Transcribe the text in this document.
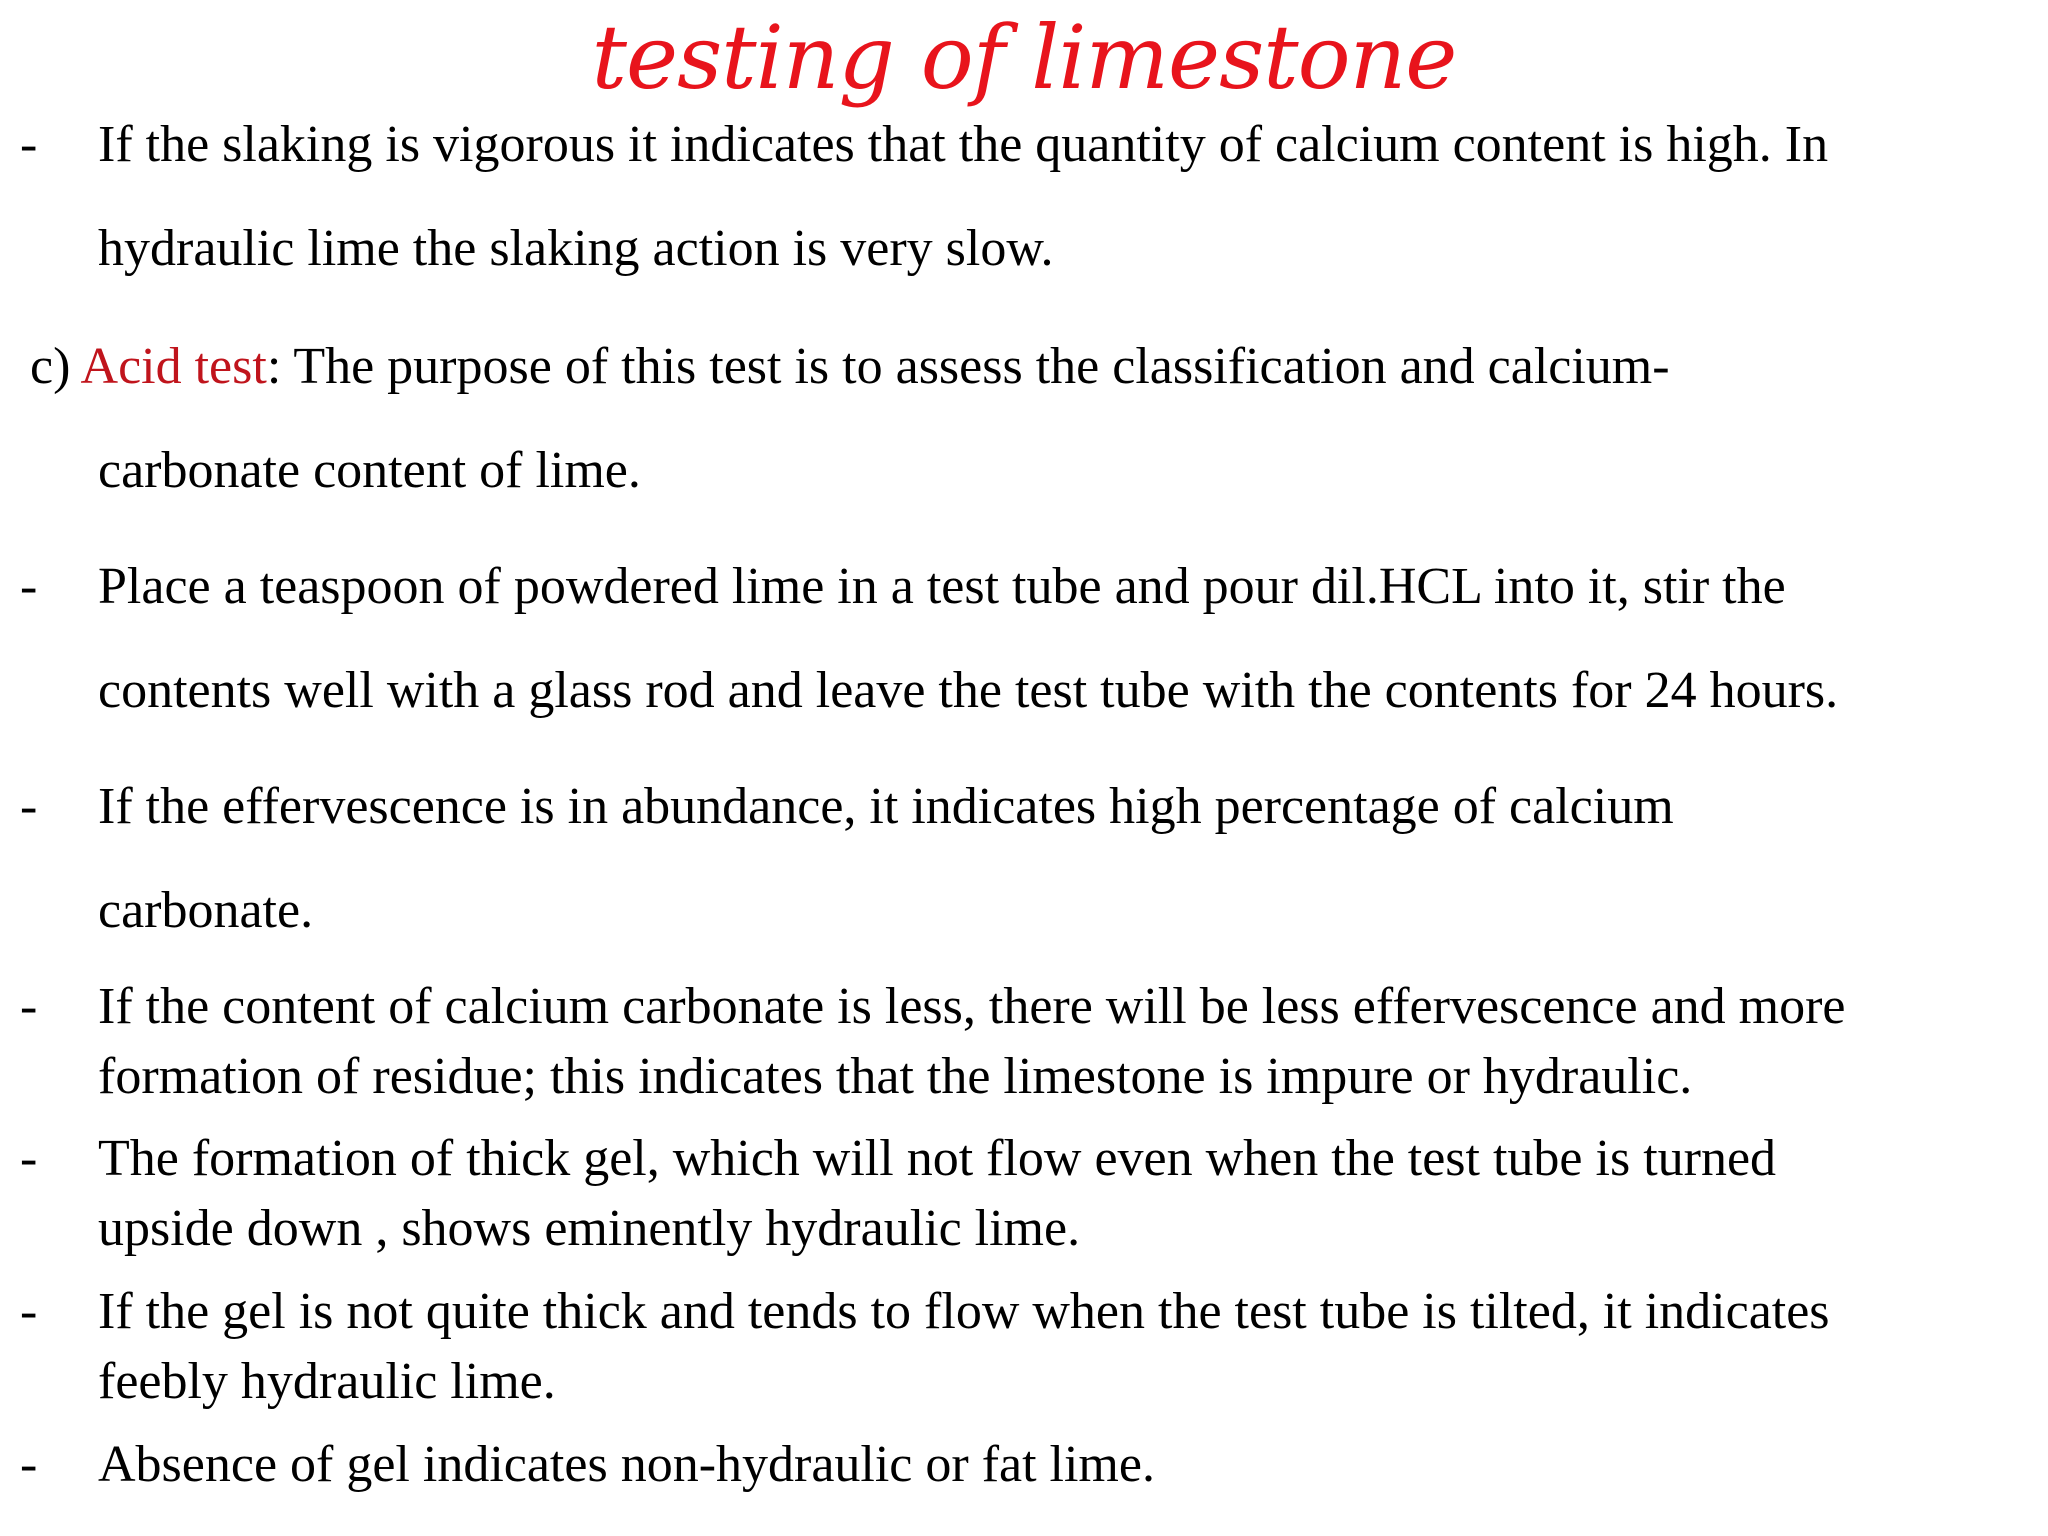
testing of limestone
- If the slaking is vigorous it indicates that the quantity of calcium content is high. In
hydraulic lime the slaking action is very slow.
c) Acid test: The purpose of this test is to assess the classification and calcium-
carbonate content of lime.
- Place a teaspoon of powdered lime in a test tube and pour dil.HCL into it, stir the
contents well with a glass rod and leave the test tube with the contents for 24 hours.
- If the effervescence is in abundance, it indicates high percentage of calcium
carbonate.
- If the content of calcium carbonate is less, there will be less effervescence and more
formation of residue; this indicates that the limestone is impure or hydraulic.
- The formation of thick gel, which will not flow even when the test tube is turned
upside down , shows eminently hydraulic lime.
- If the gel is not quite thick and tends to flow when the test tube is tilted, it indicates
feebly hydraulic lime.
- Absence of gel indicates non-hydraulic or fat lime.
